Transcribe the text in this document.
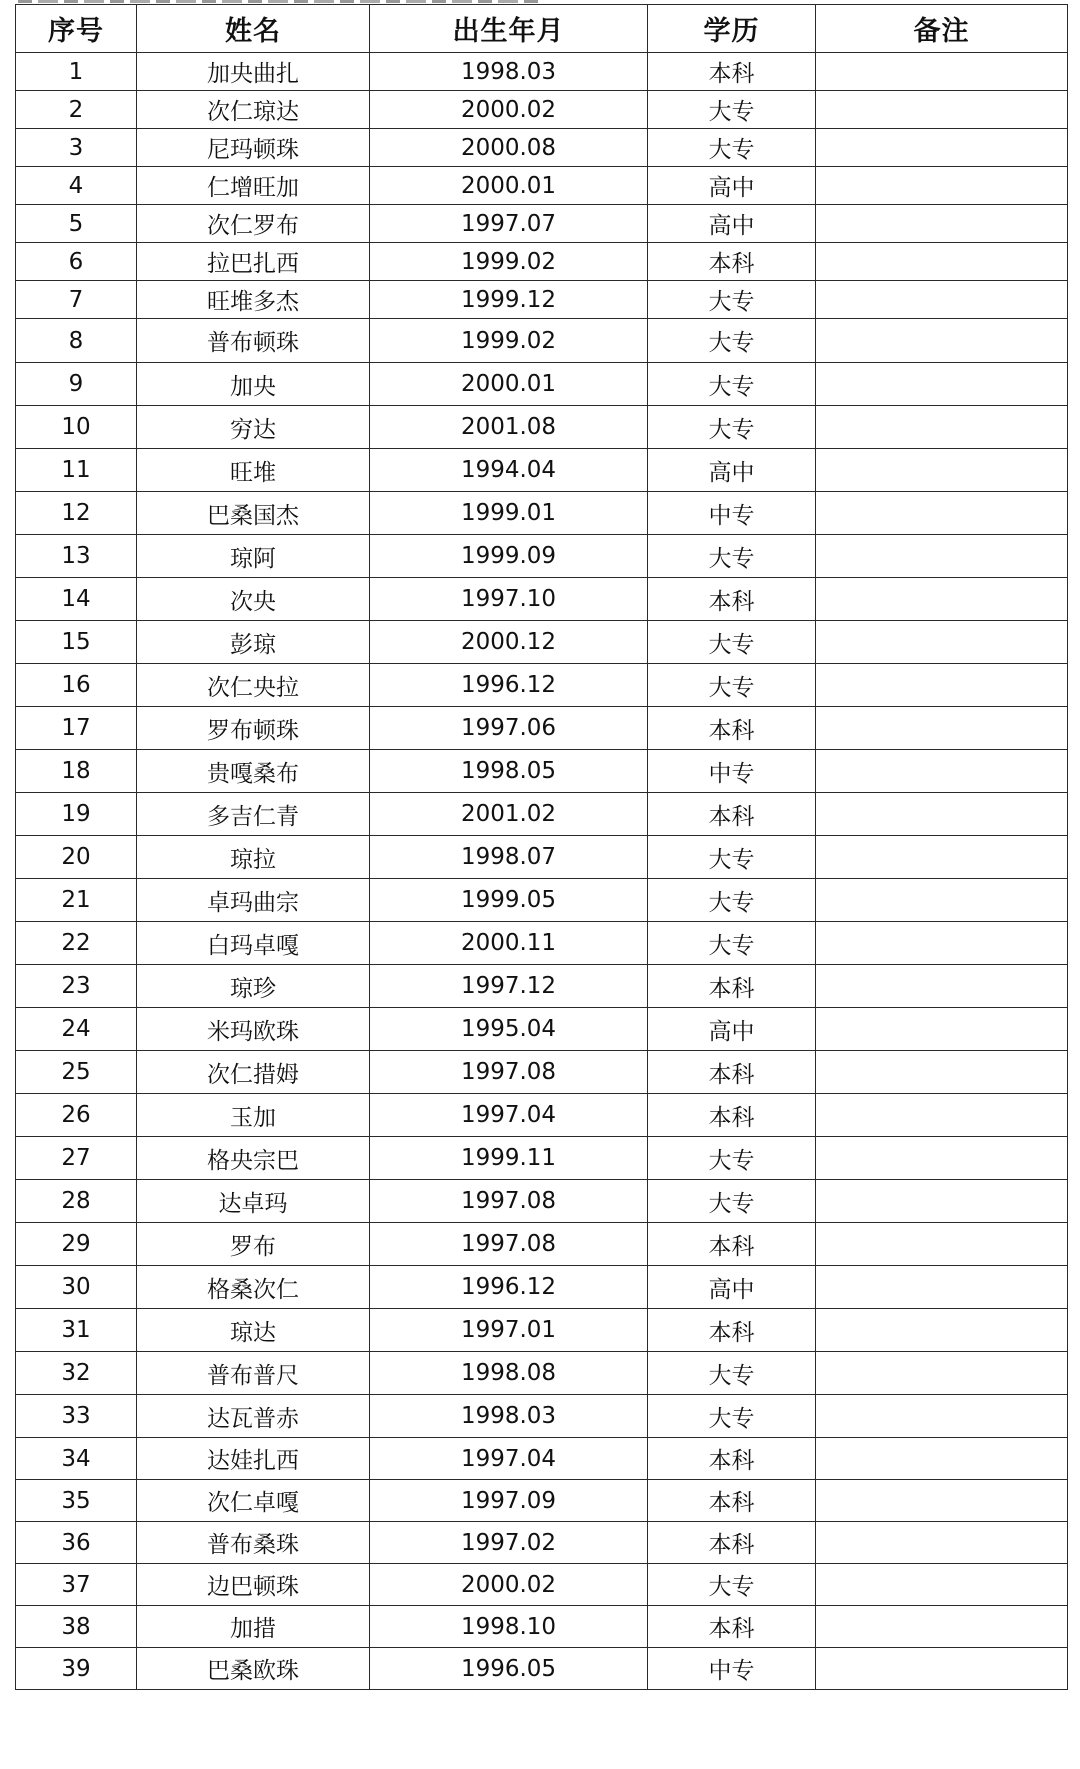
序号	姓名	出生年月	学历	备注
1	加央曲扎	1998.03	本科	
2	次仁琼达	2000.02	大专	
3	尼玛顿珠	2000.08	大专	
4	仁增旺加	2000.01	高中	
5	次仁罗布	1997.07	高中	
6	拉巴扎西	1999.02	本科	
7	旺堆多杰	1999.12	大专	
8	普布顿珠	1999.02	大专	
9	加央	2000.01	大专	
10	穷达	2001.08	大专	
11	旺堆	1994.04	高中	
12	巴桑国杰	1999.01	中专	
13	琼阿	1999.09	大专	
14	次央	1997.10	本科	
15	彭琼	2000.12	大专	
16	次仁央拉	1996.12	大专	
17	罗布顿珠	1997.06	本科	
18	贵嘎桑布	1998.05	中专	
19	多吉仁青	2001.02	本科	
20	琼拉	1998.07	大专	
21	卓玛曲宗	1999.05	大专	
22	白玛卓嘎	2000.11	大专	
23	琼珍	1997.12	本科	
24	米玛欧珠	1995.04	高中	
25	次仁措姆	1997.08	本科	
26	玉加	1997.04	本科	
27	格央宗巴	1999.11	大专	
28	达卓玛	1997.08	大专	
29	罗布	1997.08	本科	
30	格桑次仁	1996.12	高中	
31	琼达	1997.01	本科	
32	普布普尺	1998.08	大专	
33	达瓦普赤	1998.03	大专	
34	达娃扎西	1997.04	本科	
35	次仁卓嘎	1997.09	本科	
36	普布桑珠	1997.02	本科	
37	边巴顿珠	2000.02	大专	
38	加措	1998.10	本科	
39	巴桑欧珠	1996.05	中专	
